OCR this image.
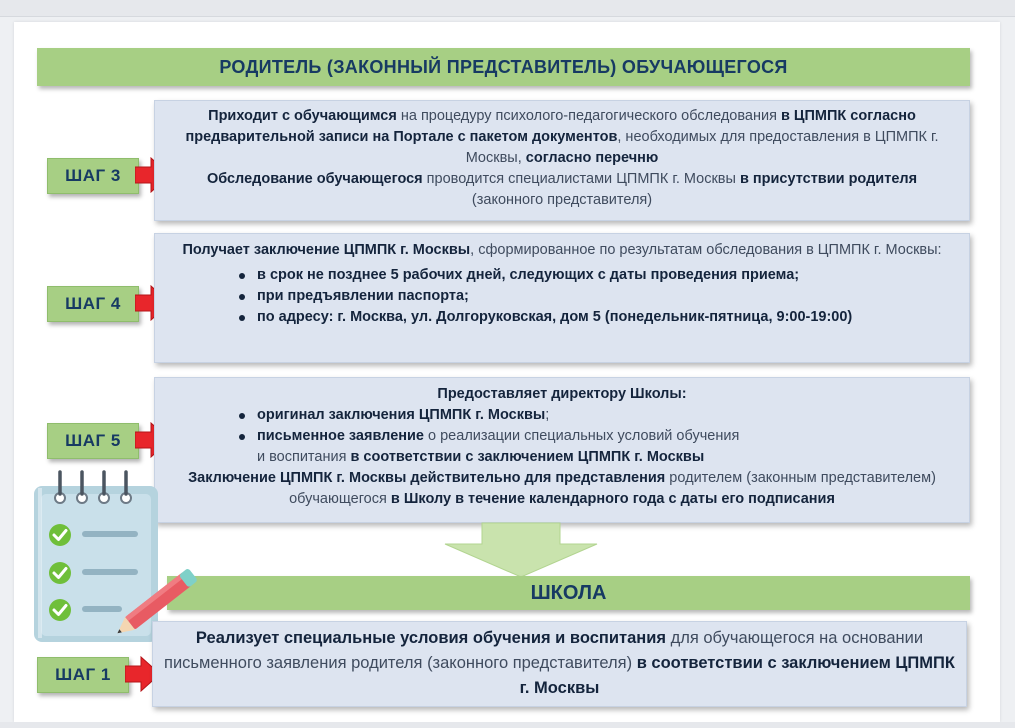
РОДИТЕЛЬ (ЗАКОННЫЙ ПРЕДСТАВИТЕЛЬ) ОБУЧАЮЩЕГОСЯ
ШАГ 3
Приходит с обучающимся на процедуру психолого-педагогического обследования в ЦПМПК согласно предварительной записи на Портале с пакетом документов, необходимых для предоставления в ЦПМПК г. Москвы, согласно перечню
Обследование обучающегося проводится специалистами ЦПМПК г. Москвы в присутствии родителя
(законного представителя)
ШАГ 4
Получает заключение ЦПМПК г. Москвы, сформированное по результатам обследования в ЦПМПК г. Москвы:
в срок не позднее 5 рабочих дней, следующих с даты проведения приема;
при предъявлении паспорта;
по адресу: г. Москва, ул. Долгоруковская, дом 5 (понедельник-пятница, 9:00-19:00)
ШАГ 5
Предоставляет директору Школы:
оригинал заключения ЦПМПК г. Москвы;
письменное заявление о реализации специальных условий обучения
и воспитания в соответствии с заключением ЦПМПК г. Москвы
Заключение ЦПМПК г. Москвы действительно для представления родителем (законным представителем) обучающегося в Школу в течение календарного года с даты его подписания
ШКОЛА
ШАГ 1
Реализует специальные условия обучения и воспитания для обучающегося на основании письменного заявления родителя (законного представителя) в соответствии с заключением ЦПМПК г. Москвы
